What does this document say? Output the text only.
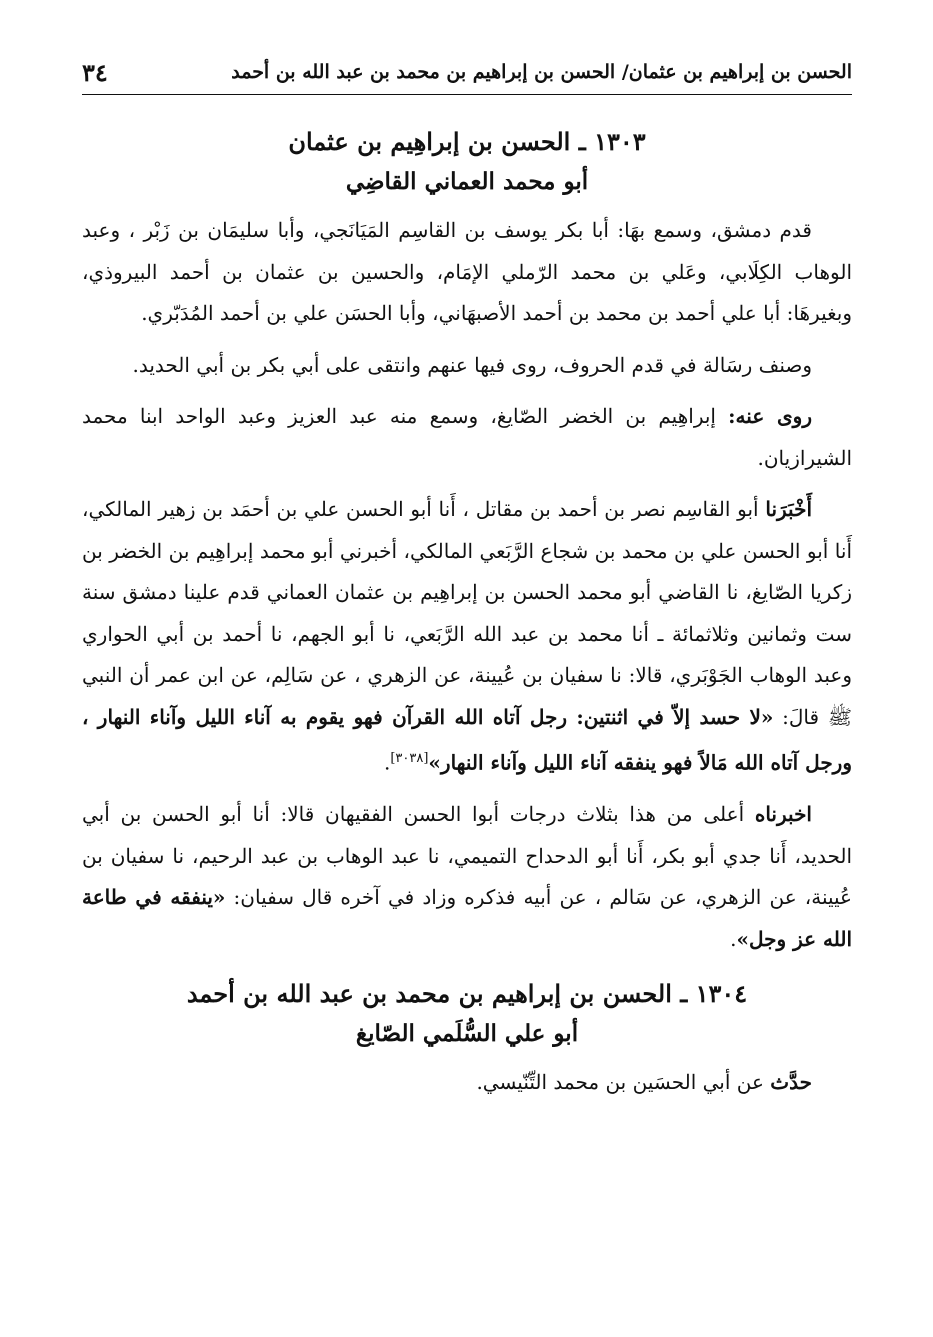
٣٤	الحسن بن إبراهيم بن عثمان/ الحسن بن إبراهيم بن محمد بن عبد الله بن أحمد
١٣٠٣ ـ الحسن بن إبراهِيم بن عثمان
أبو محمد العماني القاضِي

قدم دمشق، وسمع بهَا: أبا بكر يوسف بن القاسِم المَيَانَجي، وأبا سليمَان بن زَبْر ، وعبد الوهاب الكِلَابي، وعَلي بن محمد الرّملي الإمَام، والحسين بن عثمان بن أحمد البيروذي، وبغيرهَا: أبا علي أحمد بن محمد بن أحمد الأصبهَاني، وأبا الحسَن علي بن أحمد المُدَبّري.

وصنف رسَالة في قدم الحروف، روى فيها عنهم وانتقى على أبي بكر بن أبي الحديد.

روى عنه: إبراهِيم بن الخضر الصّايغ، وسمع منه عبد العزيز وعبد الواحد ابنا محمد الشيرازيان.

أَخْبَرَنا أبو القاسِم نصر بن أحمد بن مقاتل ، أَنا أبو الحسن علي بن أحمَد بن زهير المالكي، أَنا أبو الحسن علي بن محمد بن شجاع الرَّبَعي المالكي، أخبرني أبو محمد إبراهِيم بن الخضر بن زكريا الصّايغ، نا القاضي أبو محمد الحسن بن إبراهِيم بن عثمان العماني قدم علينا دمشق سنة ست وثمانين وثلاثمائة ـ أنا محمد بن عبد الله الرَّبَعي، نا أبو الجهم، نا أحمد بن أبي الحواري وعبد الوهاب الجَوْبَري، قالا: نا سفيان بن عُيينة، عن الزهري ، عن سَالِم، عن ابن عمر أن النبي ﷺ قالَ: «لا حسد إلاّ في اثنتين: رجل آتاه الله القرآن فهو يقوم به آناء الليل وآناء النهار ، ورجل آتاه الله مَالاً فهو ينفقه آناء الليل وآناء النهار»[٣٠٣٨].

اخبرناه أعلى من هذا بثلاث درجات أبوا الحسن الفقيهان قالا: أنا أبو الحسن بن أبي الحديد، أَنا جدي أبو بكر، أَنا أبو الدحداح التميمي، نا عبد الوهاب بن عبد الرحيم، نا سفيان بن عُيينة، عن الزهري، عن سَالم ، عن أبيه فذكره وزاد في آخره قال سفيان: «ينفقه في طاعة الله عز وجل».

١٣٠٤ ـ الحسن بن إبراهيم بن محمد بن عبد الله بن أحمد
أبو علي السُّلَمي الصّايغ

حدَّث عن أبي الحسَين بن محمد التِّنّيسي.
